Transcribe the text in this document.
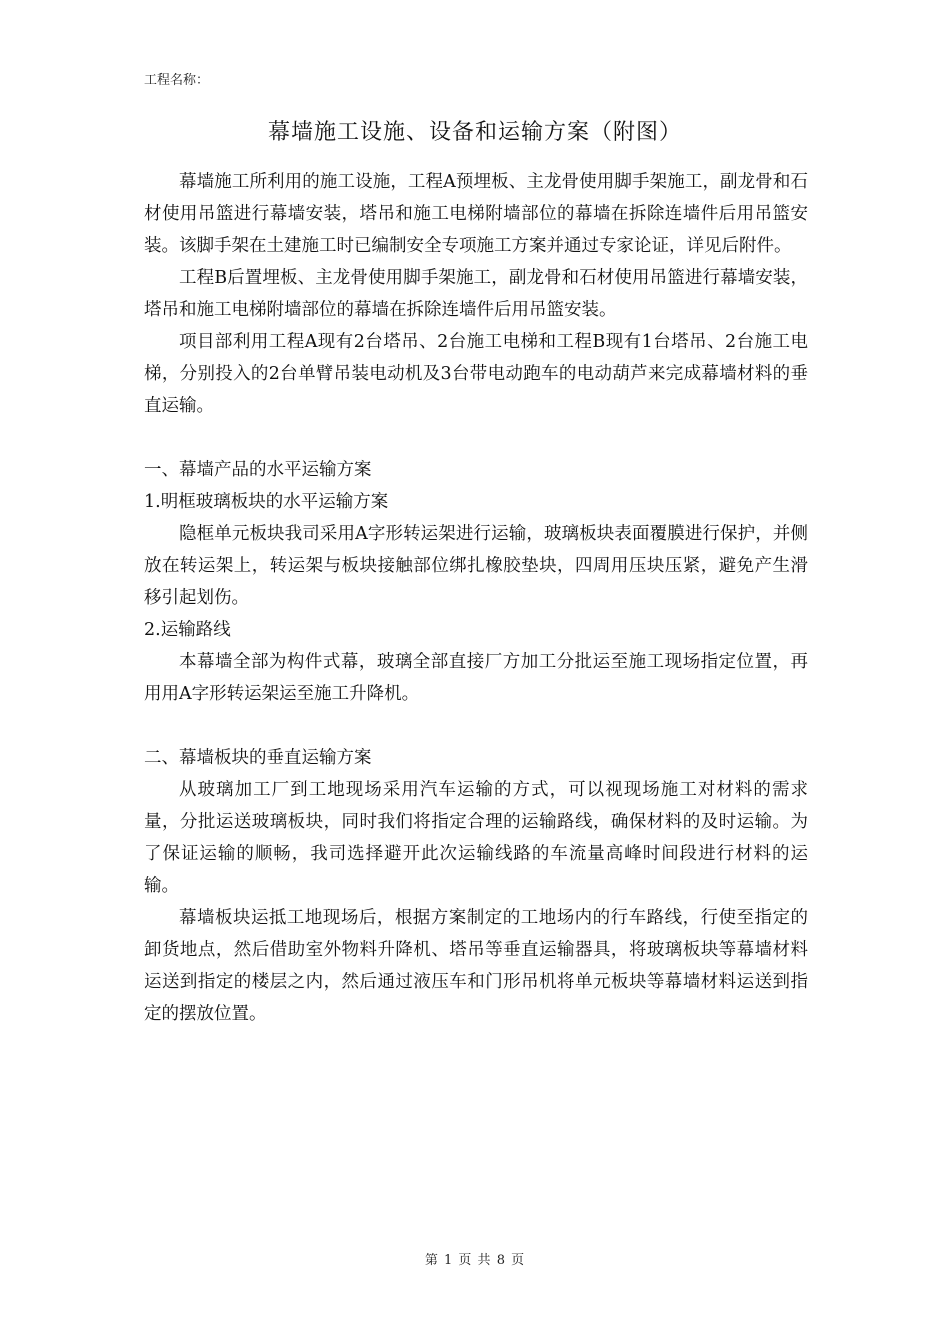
工程名称：
幕墙施工设施、设备和运输方案（附图）

幕墙施工所利用的施工设施，工程A预埋板、主龙骨使用脚手架施工，副龙骨和石材使用吊篮进行幕墙安装，塔吊和施工电梯附墙部位的幕墙在拆除连墙件后用吊篮安装。该脚手架在土建施工时已编制安全专项施工方案并通过专家论证，详见后附件。

工程B后置埋板、主龙骨使用脚手架施工，副龙骨和石材使用吊篮进行幕墙安装，塔吊和施工电梯附墙部位的幕墙在拆除连墙件后用吊篮安装。

项目部利用工程A现有2台塔吊、2台施工电梯和工程B现有1台塔吊、2台施工电梯，分别投入的2台单臂吊装电动机及3台带电动跑车的电动葫芦来完成幕墙材料的垂直运输。

一、幕墙产品的水平运输方案

1.明框玻璃板块的水平运输方案

隐框单元板块我司采用A字形转运架进行运输，玻璃板块表面覆膜进行保护，并侧放在转运架上，转运架与板块接触部位绑扎橡胶垫块，四周用压块压紧，避免产生滑移引起划伤。

2.运输路线

本幕墙全部为构件式幕，玻璃全部直接厂方加工分批运至施工现场指定位置，再用用A字形转运架运至施工升降机。

二、幕墙板块的垂直运输方案

从玻璃加工厂到工地现场采用汽车运输的方式，可以视现场施工对材料的需求量，分批运送玻璃板块，同时我们将指定合理的运输路线，确保材料的及时运输。为了保证运输的顺畅，我司选择避开此次运输线路的车流量高峰时间段进行材料的运输。

幕墙板块运抵工地现场后，根据方案制定的工地场内的行车路线，行使至指定的卸货地点，然后借助室外物料升降机、塔吊等垂直运输器具，将玻璃板块等幕墙材料运送到指定的楼层之内，然后通过液压车和门形吊机将单元板块等幕墙材料运送到指定的摆放位置。

第 1 页 共 8 页
